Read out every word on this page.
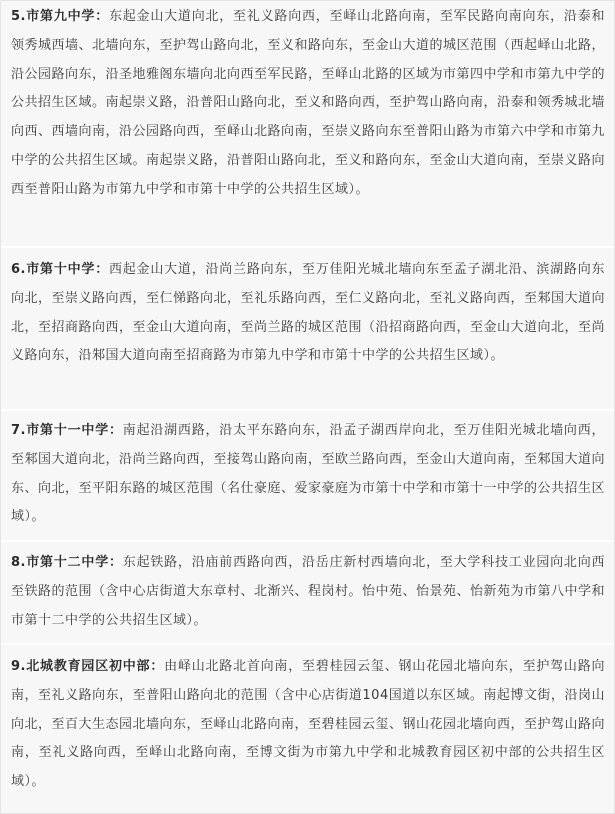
5.市第九中学：东起金山大道向北，至礼义路向西，至峄山北路向南，至军民路向南向东，沿泰和领秀城西墙、北墙向东，至护驾山路向北，至义和路向东，至金山大道的城区范围（西起峄山北路，沿公园路向东，沿圣地雅阁东墙向北向西至军民路，至峄山北路的区域为市第四中学和市第九中学的公共招生区域。南起崇义路，沿普阳山路向北，至义和路向西，至护驾山路向南，沿泰和领秀城北墙向西、西墙向南，沿公园路向西，至峄山北路向南，至崇义路向东至普阳山路为市第六中学和市第九中学的公共招生区域。南起崇义路，沿普阳山路向北，至义和路向东，至金山大道向南，至崇义路向西至普阳山路为市第九中学和市第十中学的公共招生区域）。
6.市第十中学：西起金山大道，沿尚兰路向东，至万佳阳光城北墙向东至孟子湖北沿、滨湖路向东向北，至崇义路向西，至仁悌路向北，至礼乐路向西，至仁义路向北，至礼义路向西，至邾国大道向北，至招商路向西，至金山大道向南，至尚兰路的城区范围（沿招商路向西，至金山大道向北，至尚义路向东，沿邾国大道向南至招商路为市第九中学和市第十中学的公共招生区域）。
7.市第十一中学：南起沿湖西路，沿太平东路向东，沿孟子湖西岸向北，至万佳阳光城北墙向西，至邾国大道向北，沿尚兰路向西，至接驾山路向南，至欧兰路向西，至金山大道向南，至邾国大道向东、向北，至平阳东路的城区范围（名仕豪庭、爱家豪庭为市第十中学和市第十一中学的公共招生区域）。
8.市第十二中学：东起铁路，沿庙前西路向西，沿岳庄新村西墙向北，至大学科技工业园向北向西至铁路的范围（含中心店街道大东章村、北渐兴、程岗村。怡中苑、怡景苑、怡新苑为市第八中学和市第十二中学的公共招生区域）。
9.北城教育园区初中部：由峄山北路北首向南，至碧桂园云玺、钢山花园北墙向东，至护驾山路向南，至礼义路向东，至普阳山路向北的范围（含中心店街道104国道以东区域。南起博文街，沿岗山向北，至百大生态园北墙向东，至峄山北路向南，至碧桂园云玺、钢山花园北墙向西，至护驾山路向南，至礼义路向西，至峄山北路向南，至博文街为市第九中学和北城教育园区初中部的公共招生区域）。
